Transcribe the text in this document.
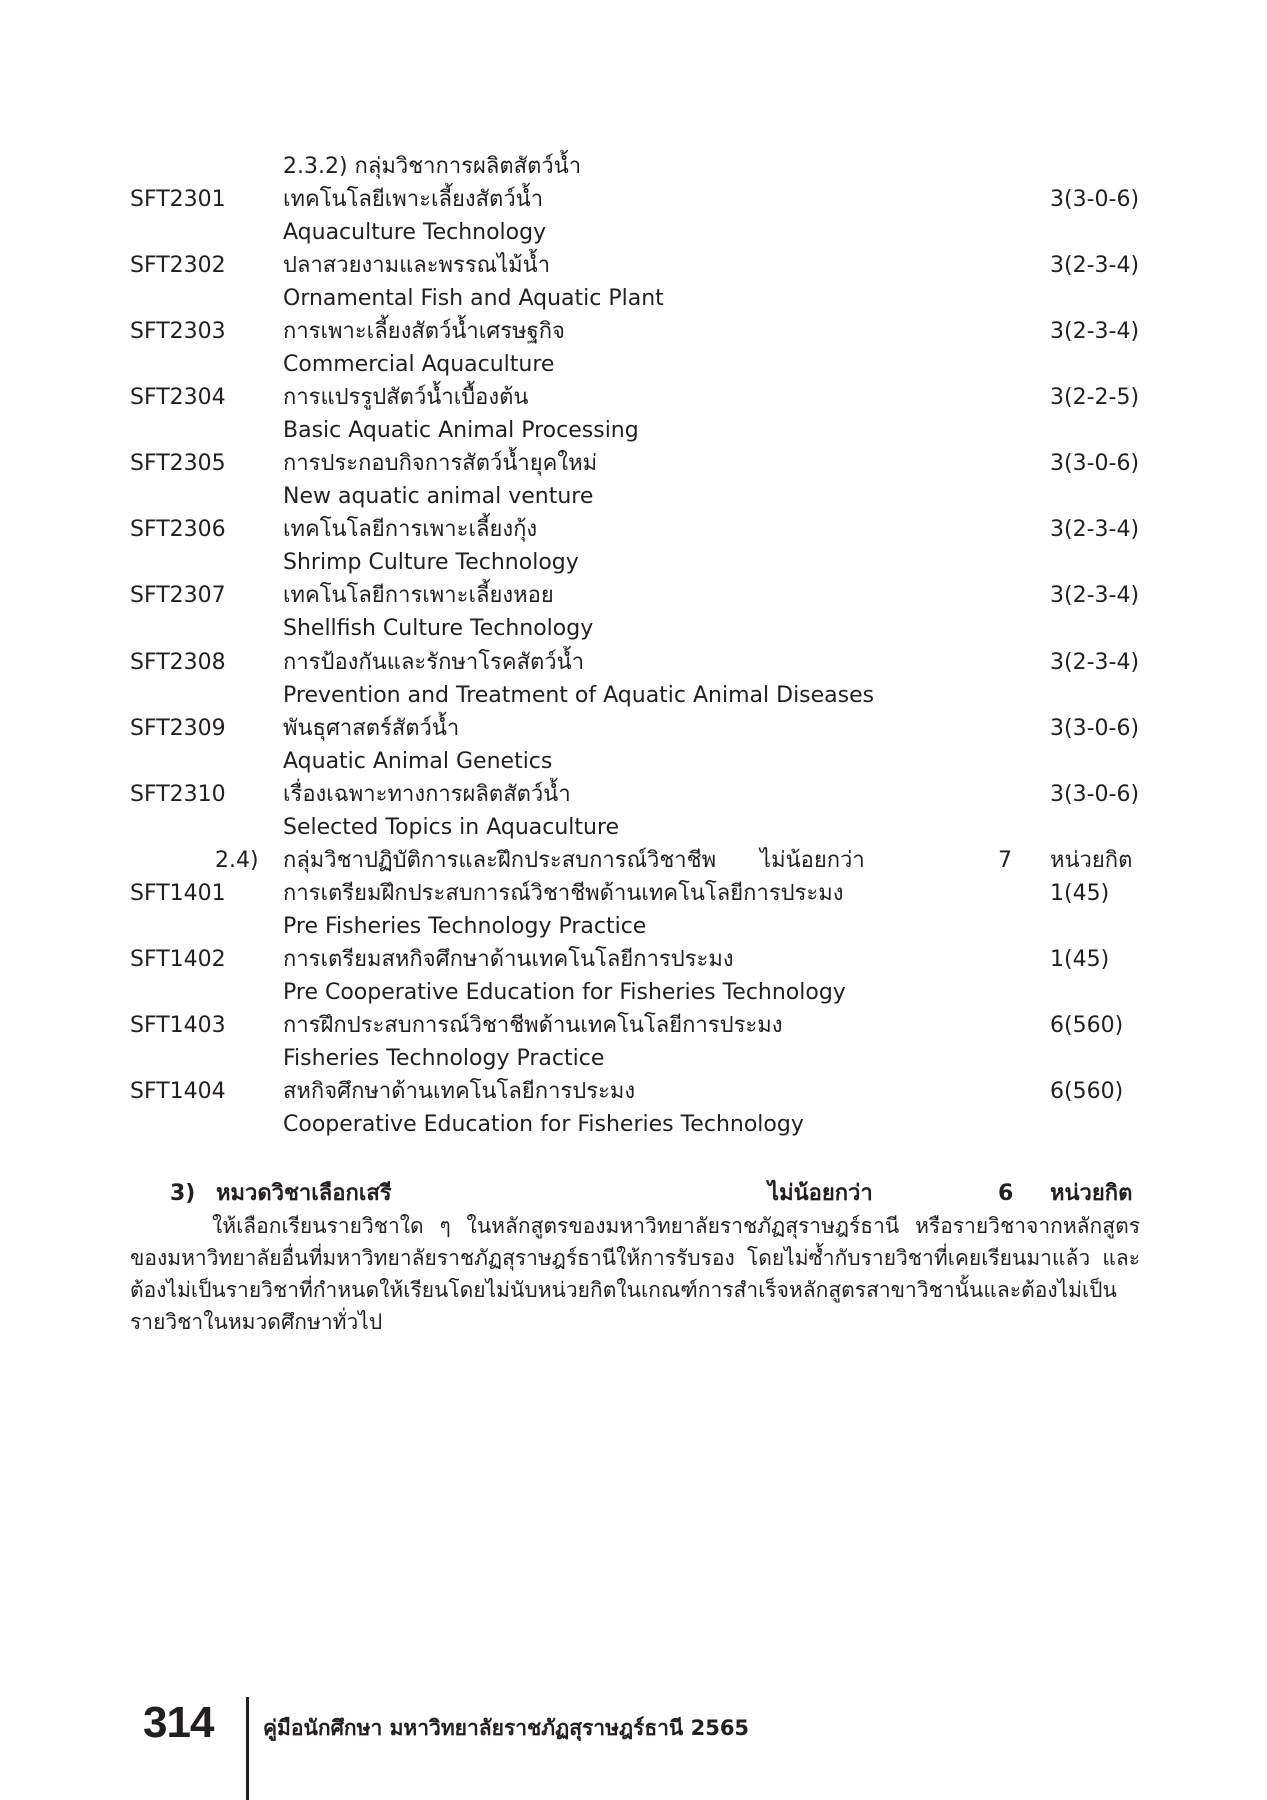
2.3.2) กลุ่มวิชาการผลิตสัตว์น้ำ
SFT2301	เทคโนโลยีเพาะเลี้ยงสัตว์น้ำ	3(3-0-6)
Aquaculture Technology
SFT2302	ปลาสวยงามและพรรณไม้น้ำ	3(2-3-4)
Ornamental Fish and Aquatic Plant
SFT2303	การเพาะเลี้ยงสัตว์น้ำเศรษฐกิจ	3(2-3-4)
Commercial Aquaculture
SFT2304	การแปรรูปสัตว์น้ำเบื้องต้น	3(2-2-5)
Basic Aquatic Animal Processing
SFT2305	การประกอบกิจการสัตว์น้ำยุคใหม่	3(3-0-6)
New aquatic animal venture
SFT2306	เทคโนโลยีการเพาะเลี้ยงกุ้ง	3(2-3-4)
Shrimp Culture Technology
SFT2307	เทคโนโลยีการเพาะเลี้ยงหอย	3(2-3-4)
Shellfish Culture Technology
SFT2308	การป้องกันและรักษาโรคสัตว์น้ำ	3(2-3-4)
Prevention and Treatment of Aquatic Animal Diseases
SFT2309	พันธุศาสตร์สัตว์น้ำ	3(3-0-6)
Aquatic Animal Genetics
SFT2310	เรื่องเฉพาะทางการผลิตสัตว์น้ำ	3(3-0-6)
Selected Topics in Aquaculture
2.4) กลุ่มวิชาปฏิบัติการและฝึกประสบการณ์วิชาชีพ ไม่น้อยกว่า	7 หน่วยกิต
SFT1401	การเตรียมฝึกประสบการณ์วิชาชีพด้านเทคโนโลยีการประมง	1(45)
Pre Fisheries Technology Practice
SFT1402	การเตรียมสหกิจศึกษาด้านเทคโนโลยีการประมง	1(45)
Pre Cooperative Education for Fisheries Technology
SFT1403	การฝึกประสบการณ์วิชาชีพด้านเทคโนโลยีการประมง	6(560)
Fisheries Technology Practice
SFT1404	สหกิจศึกษาด้านเทคโนโลยีการประมง	6(560)
Cooperative Education for Fisheries Technology
3) หมวดวิชาเลือกเสรี	ไม่น้อยกว่า	6 หน่วยกิต
ให้เลือกเรียนรายวิชาใด ๆ ในหลักสูตรของมหาวิทยาลัยราชภัฏสุราษฎร์ธานี หรือรายวิชาจากหลักสูตรของมหาวิทยาลัยอื่นที่มหาวิทยาลัยราชภัฏสุราษฎร์ธานีให้การรับรอง โดยไม่ซ้ำกับรายวิชาที่เคยเรียนมาแล้ว และต้องไม่เป็นรายวิชาที่กำหนดให้เรียนโดยไม่นับหน่วยกิตในเกณฑ์การสำเร็จหลักสูตรสาขาวิชานั้นและต้องไม่เป็นรายวิชาในหมวดศึกษาทั่วไป
314 คู่มือนักศึกษา มหาวิทยาลัยราชภัฏสุราษฎร์ธานี 2565
